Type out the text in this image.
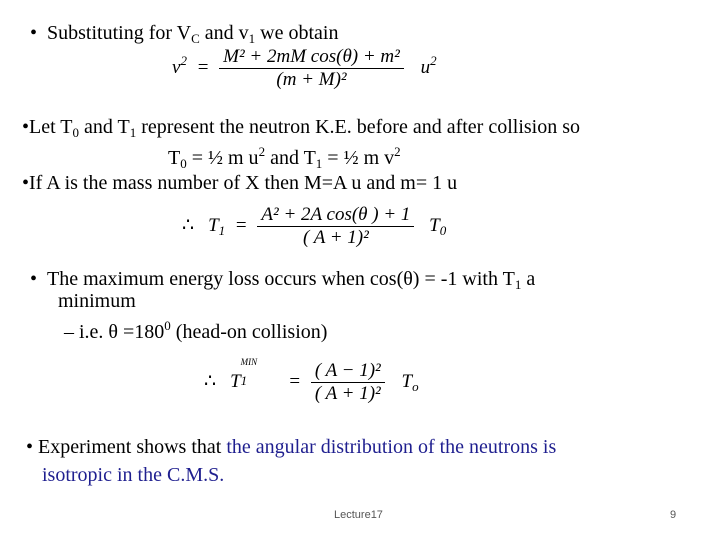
•  Substituting for $V_C$ and $v_1$ we obtain
$v^2 = \frac{\text{M² + 2mM cos(θ) + m²}}{\text{(m + M)²}} u^2$
•Let $T_0$ and $T_1$ represent the neutron K.E. before and after collision so
$T_0$ = ½ m $u^2$ and $T_1$ = ½ m $v^2$
•If A is the mass number of X then M=A u and m= 1 u
∴ $T_1 = \frac{\text{A² + 2A cos(θ ) + 1}}{\text{( A + 1)²}} T_0$
•  The maximum energy loss occurs when cos(θ) = -1 with $T_1$ a
minimum
– i.e. $\theta =180^0$ (head-on collision)
∴ T
MIN
$1 = \frac{\text{( A − 1)²}}{\text{( A + 1)²}} T_o$
• Experiment shows that the angular distribution of the neutrons is
isotropic in the C.M.S.
Lecture17	9
